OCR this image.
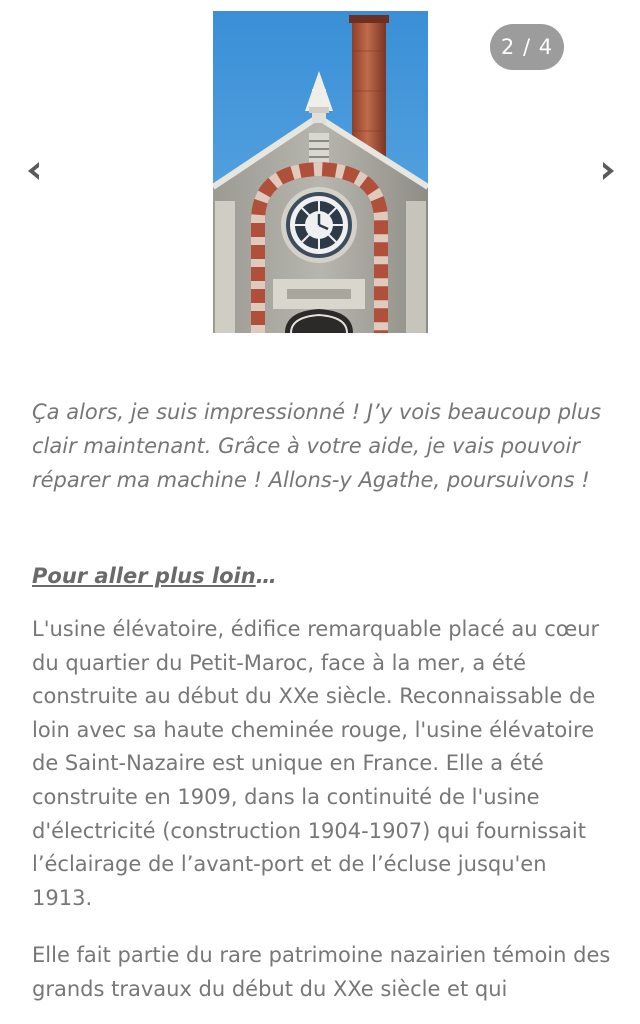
2 / 4

Ça alors, je suis impressionné ! J’y vois beaucoup plus clair maintenant. Grâce à votre aide, je vais pouvoir réparer ma machine ! Allons-y Agathe, poursuivons !

Pour aller plus loin…

L'usine élévatoire, édifice remarquable placé au cœur du quartier du Petit-Maroc, face à la mer, a été construite au début du XXe siècle. Reconnaissable de loin avec sa haute cheminée rouge, l'usine élévatoire de Saint-Nazaire est unique en France. Elle a été construite en 1909, dans la continuité de l'usine d'électricité (construction 1904-1907) qui fournissait l’éclairage de l’avant-port et de l’écluse jusqu'en 1913.

Elle fait partie du rare patrimoine nazairien témoin des grands travaux du début du XXe siècle et qui
